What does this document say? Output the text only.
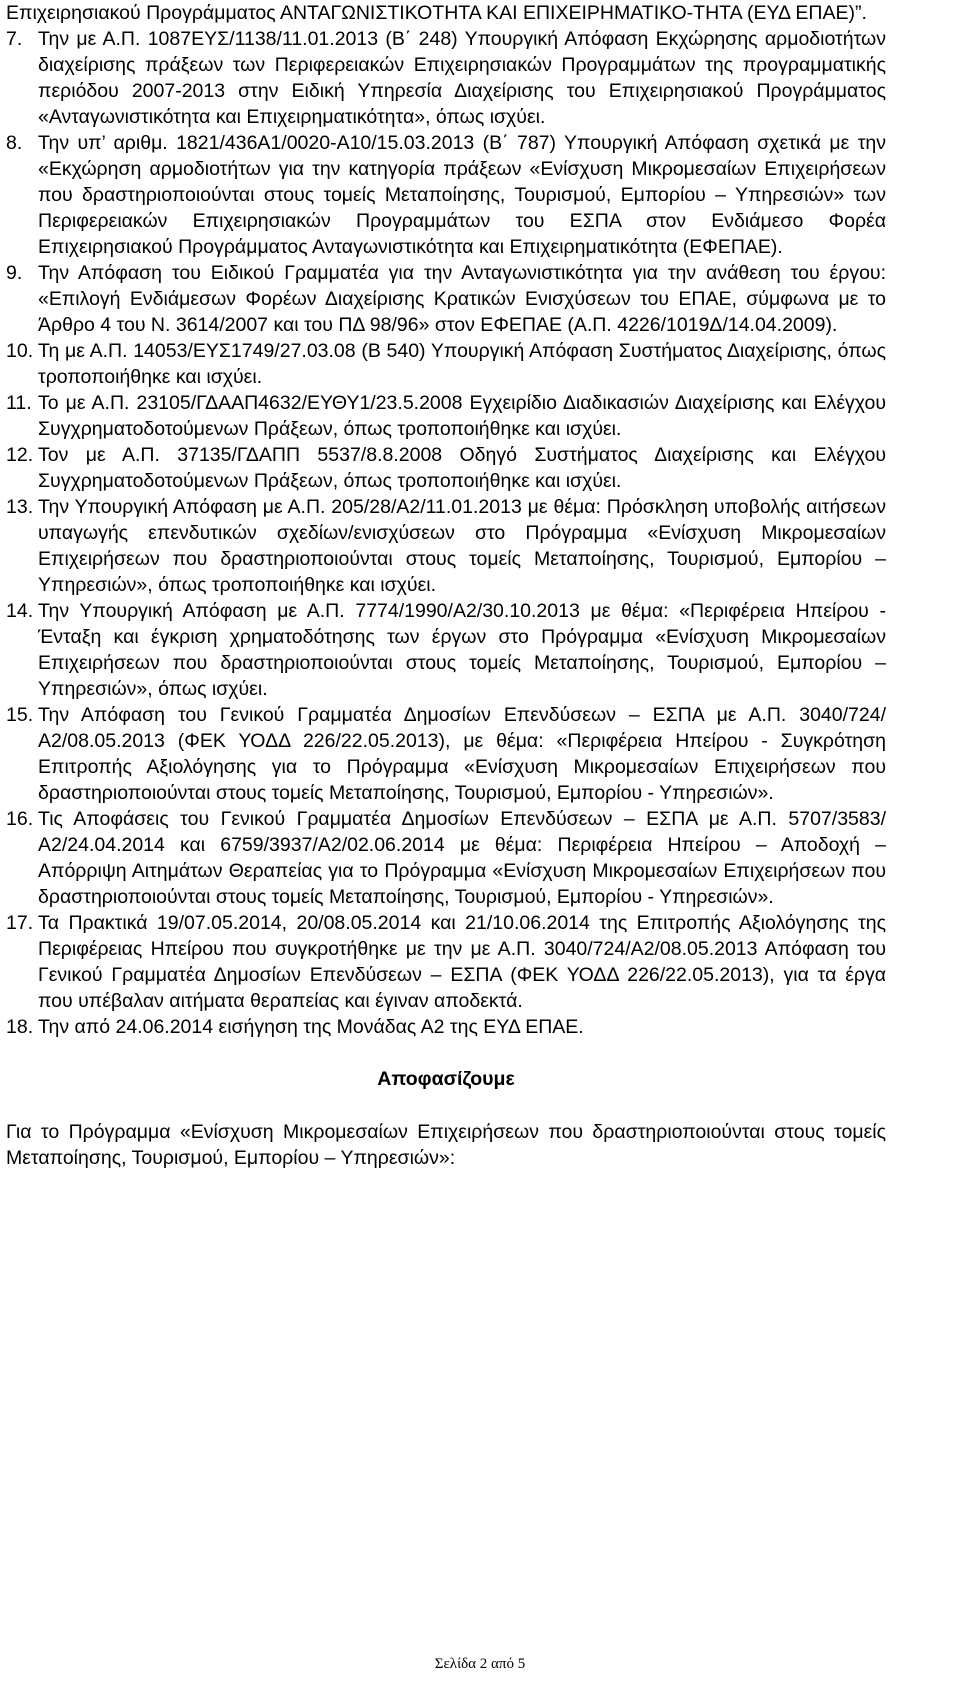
Επιχειρησιακού Προγράμματος ΑΝΤΑΓΩΝΙΣΤΙΚΟΤΗΤΑ ΚΑΙ ΕΠΙΧΕΙΡΗΜΑΤΙΚΟ-ΤΗΤΑ (ΕΥΔ ΕΠΑΕ)”.
7. Την με Α.Π. 1087ΕΥΣ/1138/11.01.2013 (Β΄ 248) Υπουργική Απόφαση Εκχώρησης αρμοδιοτήτων διαχείρισης πράξεων των Περιφερειακών Επιχειρησιακών Προγραμμάτων της προγραμματικής περιόδου 2007-2013 στην Ειδική Υπηρεσία Διαχείρισης του Επιχειρησιακού Προγράμματος «Ανταγωνιστικότητα και Επιχειρηματικότητα», όπως ισχύει.
8. Την υπ’ αριθμ. 1821/436Α1/0020-Α10/15.03.2013 (Β΄ 787) Υπουργική Απόφαση σχετικά με την «Εκχώρηση αρμοδιοτήτων για την κατηγορία πράξεων «Ενίσχυση Μικρομεσαίων Επιχειρήσεων που δραστηριοποιούνται στους τομείς Μεταποίησης, Τουρισμού, Εμπορίου – Υπηρεσιών» των Περιφερειακών Επιχειρησιακών Προγραμμάτων του ΕΣΠΑ στον Ενδιάμεσο Φορέα Επιχειρησιακού Προγράμματος Ανταγωνιστικότητα και Επιχειρηματικότητα (ΕΦΕΠΑΕ).
9. Την Απόφαση του Ειδικού Γραμματέα για την Ανταγωνιστικότητα για την ανάθεση του έργου: «Επιλογή Ενδιάμεσων Φορέων Διαχείρισης Κρατικών Ενισχύσεων του ΕΠΑΕ, σύμφωνα με το Άρθρο 4 του Ν. 3614/2007 και του ΠΔ 98/96» στον ΕΦΕΠΑΕ (Α.Π. 4226/1019Δ/14.04.2009).
10. Τη με Α.Π. 14053/ΕΥΣ1749/27.03.08 (Β 540) Υπουργική Απόφαση Συστήματος Διαχείρισης, όπως τροποποιήθηκε και ισχύει.
11. Το με Α.Π. 23105/ΓΔΑΑΠ4632/ΕΥΘΥ1/23.5.2008 Εγχειρίδιο Διαδικασιών Διαχείρισης και Ελέγχου Συγχρηματοδοτούμενων Πράξεων, όπως τροποποιήθηκε και ισχύει.
12. Τον με Α.Π. 37135/ΓΔΑΠΠ 5537/8.8.2008 Οδηγό Συστήματος Διαχείρισης και Ελέγχου Συγχρηματοδοτούμενων Πράξεων, όπως τροποποιήθηκε και ισχύει.
13. Την Υπουργική Απόφαση με Α.Π. 205/28/Α2/11.01.2013 με θέμα: Πρόσκληση υποβολής αιτήσεων υπαγωγής επενδυτικών σχεδίων/ενισχύσεων στο Πρόγραμμα «Ενίσχυση Μικρομεσαίων Επιχειρήσεων που δραστηριοποιούνται στους τομείς Μεταποίησης, Τουρισμού, Εμπορίου – Υπηρεσιών», όπως τροποποιήθηκε και ισχύει.
14. Την Υπουργική Απόφαση με Α.Π. 7774/1990/Α2/30.10.2013 με θέμα: «Περιφέρεια Ηπείρου - Ένταξη και έγκριση χρηματοδότησης των έργων στο Πρόγραμμα «Ενίσχυση Μικρομεσαίων Επιχειρήσεων που δραστηριοποιούνται στους τομείς Μεταποίησης, Τουρισμού, Εμπορίου – Υπηρεσιών», όπως ισχύει.
15. Την Απόφαση του Γενικού Γραμματέα Δημοσίων Επενδύσεων – ΕΣΠΑ με Α.Π. 3040/724/Α2/08.05.2013 (ΦΕΚ ΥΟΔΔ 226/22.05.2013), με θέμα: «Περιφέρεια Ηπείρου - Συγκρότηση Επιτροπής Αξιολόγησης για το Πρόγραμμα «Ενίσχυση Μικρομεσαίων Επιχειρήσεων που δραστηριοποιούνται στους τομείς Μεταποίησης, Τουρισμού, Εμπορίου - Υπηρεσιών».
16. Τις Αποφάσεις του Γενικού Γραμματέα Δημοσίων Επενδύσεων – ΕΣΠΑ με Α.Π. 5707/3583/Α2/24.04.2014 και 6759/3937/Α2/02.06.2014 με θέμα: Περιφέρεια Ηπείρου – Αποδοχή – Απόρριψη Αιτημάτων Θεραπείας για το Πρόγραμμα «Ενίσχυση Μικρομεσαίων Επιχειρήσεων που δραστηριοποιούνται στους τομείς Μεταποίησης, Τουρισμού, Εμπορίου - Υπηρεσιών».
17. Τα Πρακτικά 19/07.05.2014, 20/08.05.2014 και 21/10.06.2014 της Επιτροπής Αξιολόγησης της Περιφέρειας Ηπείρου που συγκροτήθηκε με την με Α.Π. 3040/724/Α2/08.05.2013 Απόφαση του Γενικού Γραμματέα Δημοσίων Επενδύσεων – ΕΣΠΑ (ΦΕΚ ΥΟΔΔ 226/22.05.2013), για τα έργα που υπέβαλαν αιτήματα θεραπείας και έγιναν αποδεκτά.
18. Την από 24.06.2014 εισήγηση της Μονάδας Α2 της ΕΥΔ ΕΠΑΕ.
Αποφασίζουμε
Για το Πρόγραμμα «Ενίσχυση Μικρομεσαίων Επιχειρήσεων που δραστηριοποιούνται στους τομείς Μεταποίησης, Τουρισμού, Εμπορίου – Υπηρεσιών»:
Σελίδα 2 από 5
